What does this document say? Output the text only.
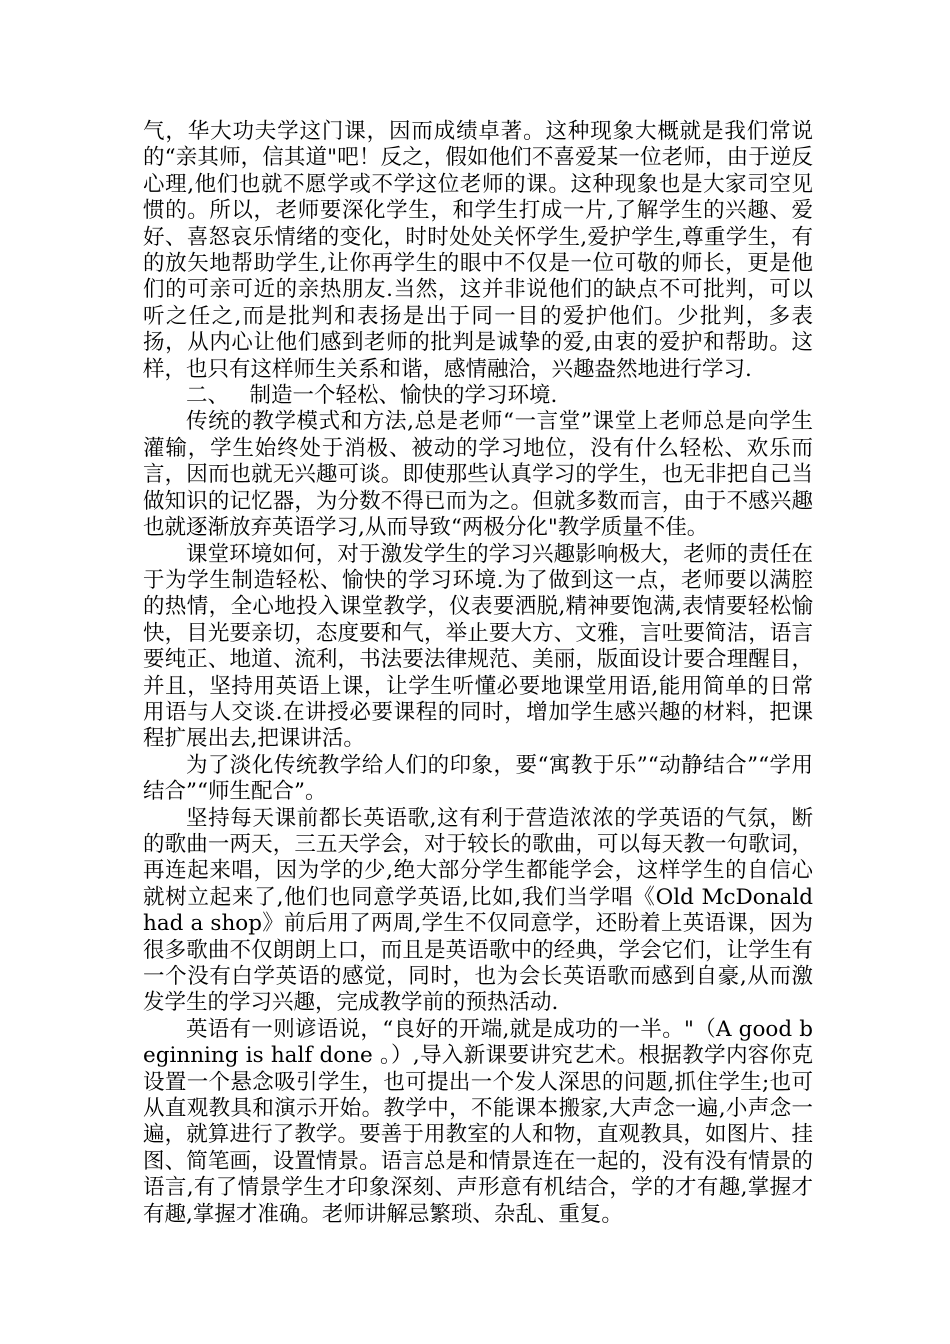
气，华大功夫学这门课，因而成绩卓著。这种现象大概就是我们常说的“亲其师，信其道"吧！反之，假如他们不喜爱某一位老师，由于逆反心理,他们也就不愿学或不学这位老师的课。这种现象也是大家司空见惯的。所以，老师要深化学生，和学生打成一片,了解学生的兴趣、爱好、喜怒哀乐情绪的变化，时时处处关怀学生,爱护学生,尊重学生，有的放矢地帮助学生,让你再学生的眼中不仅是一位可敬的师长，更是他们的可亲可近的亲热朋友.当然，这并非说他们的缺点不可批判，可以听之任之,而是批判和表扬是出于同一目的爱护他们。少批判，多表扬，从内心让他们感到老师的批判是诚挚的爱,由衷的爱护和帮助。这样，也只有这样师生关系和谐，感情融洽，兴趣盎然地进行学习.

二、   制造一个轻松、愉快的学习环境.

传统的教学模式和方法,总是老师“一言堂”课堂上老师总是向学生灌输，学生始终处于消极、被动的学习地位，没有什么轻松、欢乐而言，因而也就无兴趣可谈。即使那些认真学习的学生，也无非把自己当做知识的记忆器，为分数不得已而为之。但就多数而言，由于不感兴趣也就逐渐放弃英语学习,从而导致“两极分化"教学质量不佳。

课堂环境如何，对于激发学生的学习兴趣影响极大，老师的责任在于为学生制造轻松、愉快的学习环境.为了做到这一点，老师要以满腔的热情，全心地投入课堂教学，仪表要洒脱,精神要饱满,表情要轻松愉快，目光要亲切，态度要和气，举止要大方、文雅，言吐要简洁，语言要纯正、地道、流利，书法要法律规范、美丽，版面设计要合理醒目，并且，坚持用英语上课，让学生听懂必要地课堂用语,能用简单的日常用语与人交谈.在讲授必要课程的同时，增加学生感兴趣的材料，把课程扩展出去,把课讲活。

为了淡化传统教学给人们的印象，要“寓教于乐”“动静结合”“学用结合”“师生配合”。

坚持每天课前都长英语歌,这有利于营造浓浓的学英语的气氛，断的歌曲一两天，三五天学会，对于较长的歌曲，可以每天教一句歌词，再连起来唱，因为学的少,绝大部分学生都能学会，这样学生的自信心就树立起来了,他们也同意学英语,比如,我们当学唱《Old McDonald had a shop》前后用了两周,学生不仅同意学，还盼着上英语课，因为很多歌曲不仅朗朗上口，而且是英语歌中的经典，学会它们，让学生有一个没有白学英语的感觉，同时，也为会长英语歌而感到自豪,从而激发学生的学习兴趣，完成教学前的预热活动.

英语有一则谚语说，“良好的开端,就是成功的一半。"（A good beginning is half done 。）,导入新课要讲究艺术。根据教学内容你克设置一个悬念吸引学生，也可提出一个发人深思的问题,抓住学生;也可从直观教具和演示开始。教学中，不能课本搬家,大声念一遍,小声念一遍，就算进行了教学。要善于用教室的人和物，直观教具，如图片、挂图、简笔画，设置情景。语言总是和情景连在一起的，没有没有情景的语言,有了情景学生才印象深刻、声形意有机结合，学的才有趣,掌握才有趣,掌握才准确。老师讲解忌繁琐、杂乱、重复。
